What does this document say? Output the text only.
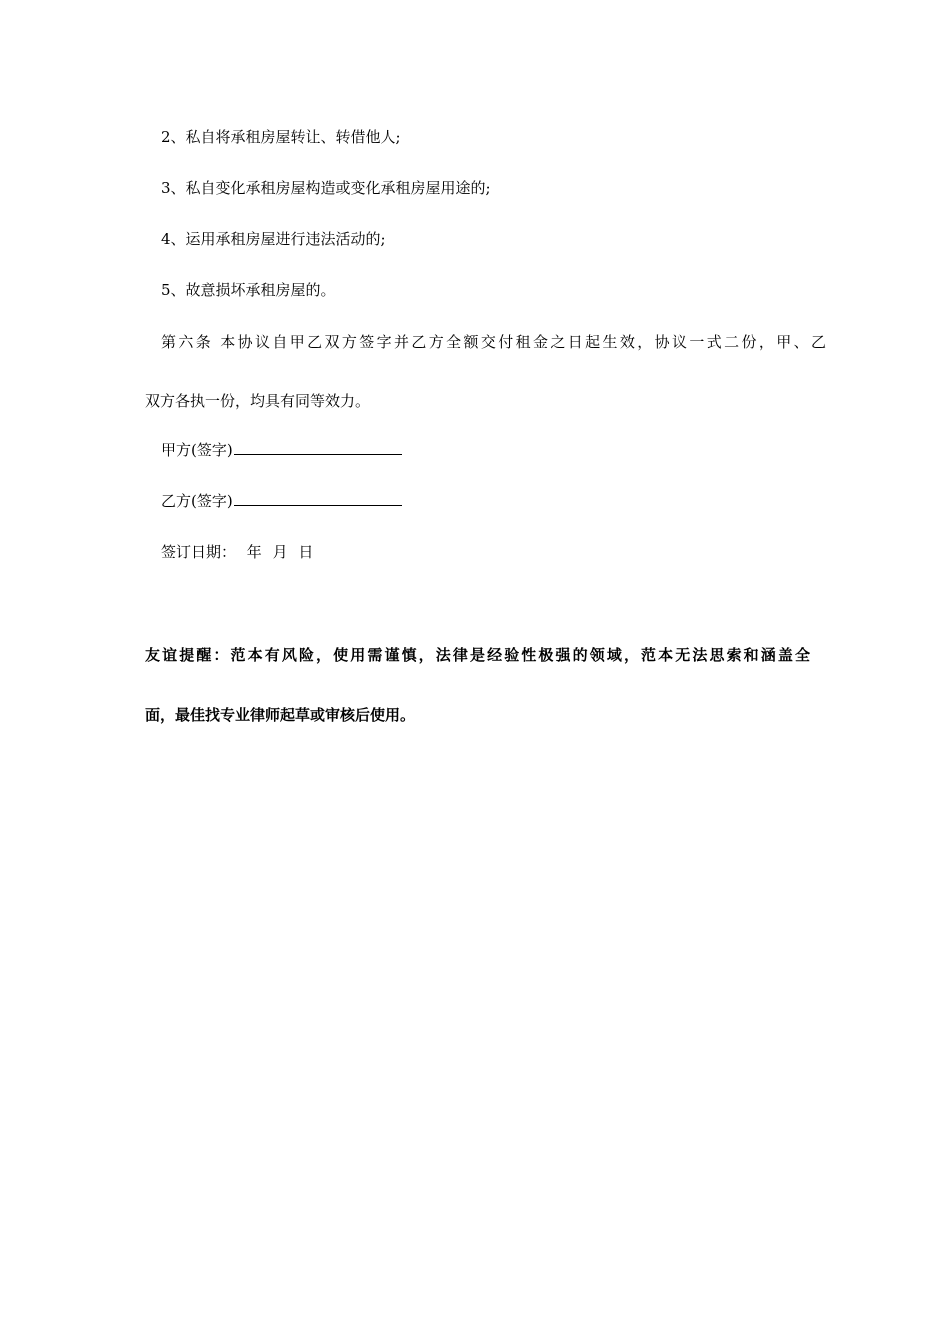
2、私自将承租房屋转让、转借他人;
3、私自变化承租房屋构造或变化承租房屋用途的;
4、运用承租房屋进行违法活动的;
5、故意损坏承租房屋的。
第六条 本协议自甲乙双方签字并乙方全额交付租金之日起生效，协议一式二份，甲、乙
双方各执一份，均具有同等效力。
甲方(签字)
乙方(签字)
签订日期： 年 月 日
友谊提醒：范本有风险，使用需谨慎，法律是经验性极强的领域，范本无法思索和涵盖全
面，最佳找专业律师起草或审核后使用。
